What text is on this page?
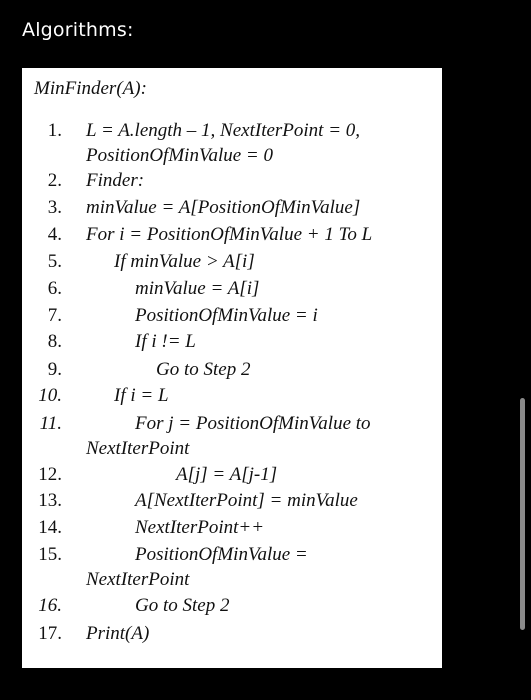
Algorithms:
MinFinder(A):
1. L = A.length – 1, NextIterPoint = 0,
PositionOfMinValue = 0
2. Finder:
3. minValue = A[PositionOfMinValue]
4. For i = PositionOfMinValue + 1 To L
5.	If minValue > A[i]
6.	minValue = A[i]
7.	PositionOfMinValue = i
8.	If i != L
9.	Go to Step 2
10.	If i = L
11.	For j = PositionOfMinValue to
NextIterPoint
12.	A[j] = A[j-1]
13.	A[NextIterPoint] = minValue
14.	NextIterPoint++
15.	PositionOfMinValue =
NextIterPoint
16.	Go to Step 2
17. Print(A)
